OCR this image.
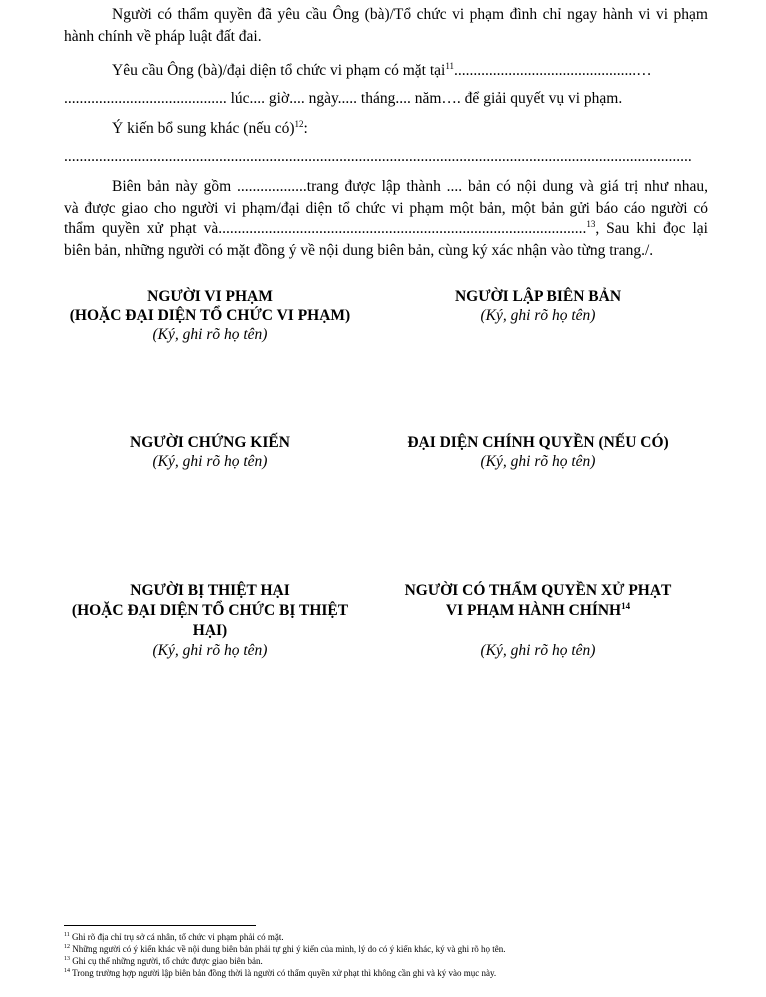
Người có thẩm quyền đã yêu cầu Ông (bà)/Tổ chức vi phạm đình chỉ ngay hành vi vi phạm
hành chính về pháp luật đất đai.
Yêu cầu Ông (bà)/đại diện tổ chức vi phạm có mặt tại$^{11}$...............................................…
.......................................... lúc.... giờ.... ngày..... tháng.... năm…. để giải quyết vụ vi phạm.
Ý kiến bổ sung khác (nếu có)$^{12}$:
..................................................................................................................................................................
Biên bản này gồm ..................trang được lập thành .... bản có nội dung và giá trị như nhau,
và được giao cho người vi phạm/đại diện tổ chức vi phạm một bản, một bản gửi báo cáo người có
thẩm quyền xử phạt và...............................................................................................$^{13}$, Sau khi đọc lại
biên bản, những người có mặt đồng ý về nội dung biên bản, cùng ký xác nhận vào từng trang./.
NGƯỜI VI PHẠM
(HOẶC ĐẠI DIỆN TỔ CHỨC VI PHẠM)
(Ký, ghi rõ họ tên)
NGƯỜI LẬP BIÊN BẢN
(Ký, ghi rõ họ tên)
NGƯỜI CHỨNG KIẾN
(Ký, ghi rõ họ tên)
ĐẠI DIỆN CHÍNH QUYỀN (NẾU CÓ)
(Ký, ghi rõ họ tên)
NGƯỜI BỊ THIỆT HẠI
(HOẶC ĐẠI DIỆN TỔ CHỨC BỊ THIỆT
HẠI)
(Ký, ghi rõ họ tên)
NGƯỜI CÓ THẨM QUYỀN XỬ PHẠT
VI PHẠM HÀNH CHÍNH$^{14}$
(Ký, ghi rõ họ tên)
$^{11}$ Ghi rõ địa chỉ trụ sở cá nhân, tổ chức vi phạm phải có mặt.
$^{12}$ Những người có ý kiến khác về nội dung biên bản phải tự ghi ý kiến của mình, lý do có ý kiến khác, ký và ghi rõ họ tên.
$^{13}$ Ghi cụ thể những người, tổ chức được giao biên bản.
$^{14}$ Trong trường hợp người lập biên bản đồng thời là người có thẩm quyền xử phạt thì không cần ghi và ký vào mục này.
